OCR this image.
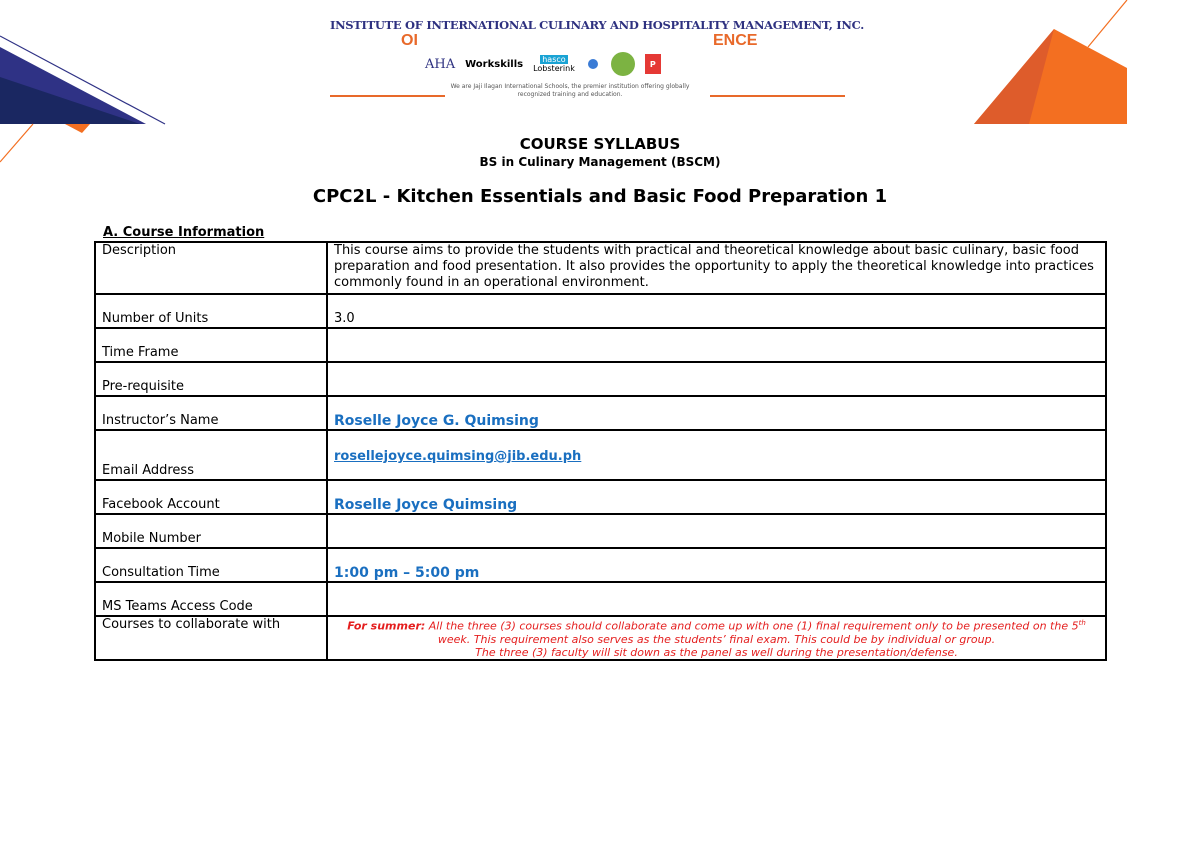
INSTITUTE OF INTERNATIONAL CULINARY AND HOSPITALITY MANAGEMENT, INC.
OI	ENCE
AHA Workskills hasco
Lobsterink	P
We are Jaji Ilagan International Schools, the premier institution offering globally recognized training and education.
COURSE SYLLABUS
BS in Culinary Management (BSCM)
CPC2L - Kitchen Essentials and Basic Food Preparation 1
A. Course Information
Description	This course aims to provide the students with practical and theoretical knowledge about basic culinary, basic food preparation and food presentation. It also provides the opportunity to apply the theoretical knowledge into practices commonly found in an operational environment.
Number of Units	3.0
Time Frame	
Pre-requisite	
Instructor’s Name	Roselle Joyce G. Quimsing
Email Address	rosellejoyce.quimsing@jib.edu.ph
Facebook Account	Roselle Joyce Quimsing
Mobile Number	
Consultation Time	1:00 pm – 5:00 pm
MS Teams Access Code	
Courses to collaborate with	For summer: All the three (3) courses should collaborate and come up with one (1) final requirement only to be presented on the 5th week. This requirement also serves as the students’ final exam. This could be by individual or group.
The three (3) faculty will sit down as the panel as well during the presentation/defense.
